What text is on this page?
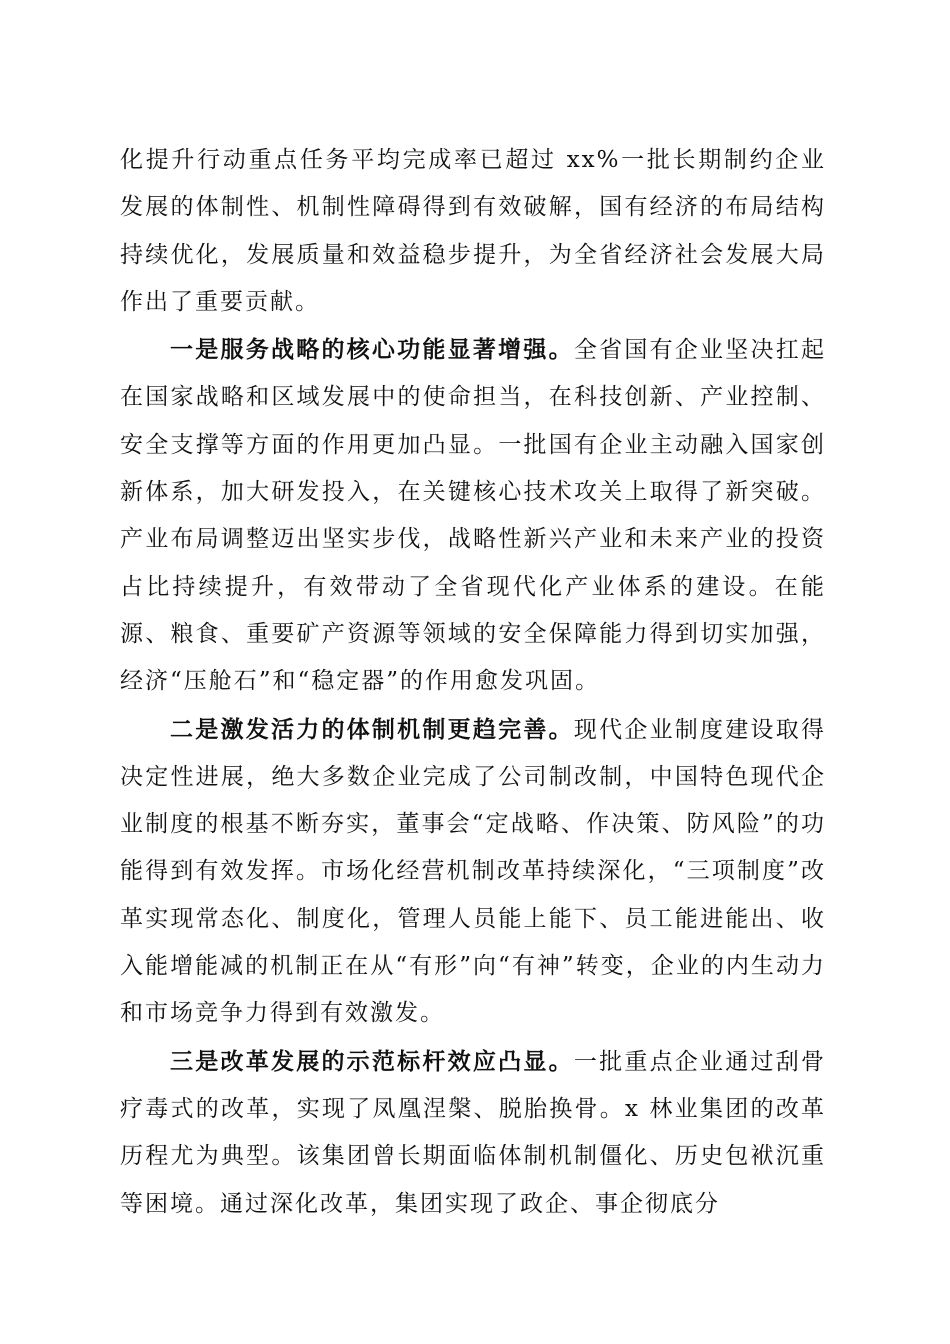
化提升行动重点任务平均完成率已超过 xx%一批长期制约企业发展的体制性、机制性障碍得到有效破解，国有经济的布局结构持续优化，发展质量和效益稳步提升，为全省经济社会发展大局作出了重要贡献。

一是服务战略的核心功能显著增强。全省国有企业坚决扛起在国家战略和区域发展中的使命担当，在科技创新、产业控制、安全支撑等方面的作用更加凸显。一批国有企业主动融入国家创新体系，加大研发投入，在关键核心技术攻关上取得了新突破。产业布局调整迈出坚实步伐，战略性新兴产业和未来产业的投资占比持续提升，有效带动了全省现代化产业体系的建设。在能源、粮食、重要矿产资源等领域的安全保障能力得到切实加强，经济“压舱石”和“稳定器”的作用愈发巩固。

二是激发活力的体制机制更趋完善。现代企业制度建设取得决定性进展，绝大多数企业完成了公司制改制，中国特色现代企业制度的根基不断夯实，董事会“定战略、作决策、防风险”的功能得到有效发挥。市场化经营机制改革持续深化，“三项制度”改革实现常态化、制度化，管理人员能上能下、员工能进能出、收入能增能减的机制正在从“有形”向“有神”转变，企业的内生动力和市场竞争力得到有效激发。

三是改革发展的示范标杆效应凸显。一批重点企业通过刮骨疗毒式的改革，实现了凤凰涅槃、脱胎换骨。x 林业集团的改革历程尤为典型。该集团曾长期面临体制机制僵化、历史包袱沉重等困境。通过深化改革，集团实现了政企、事企彻底分
